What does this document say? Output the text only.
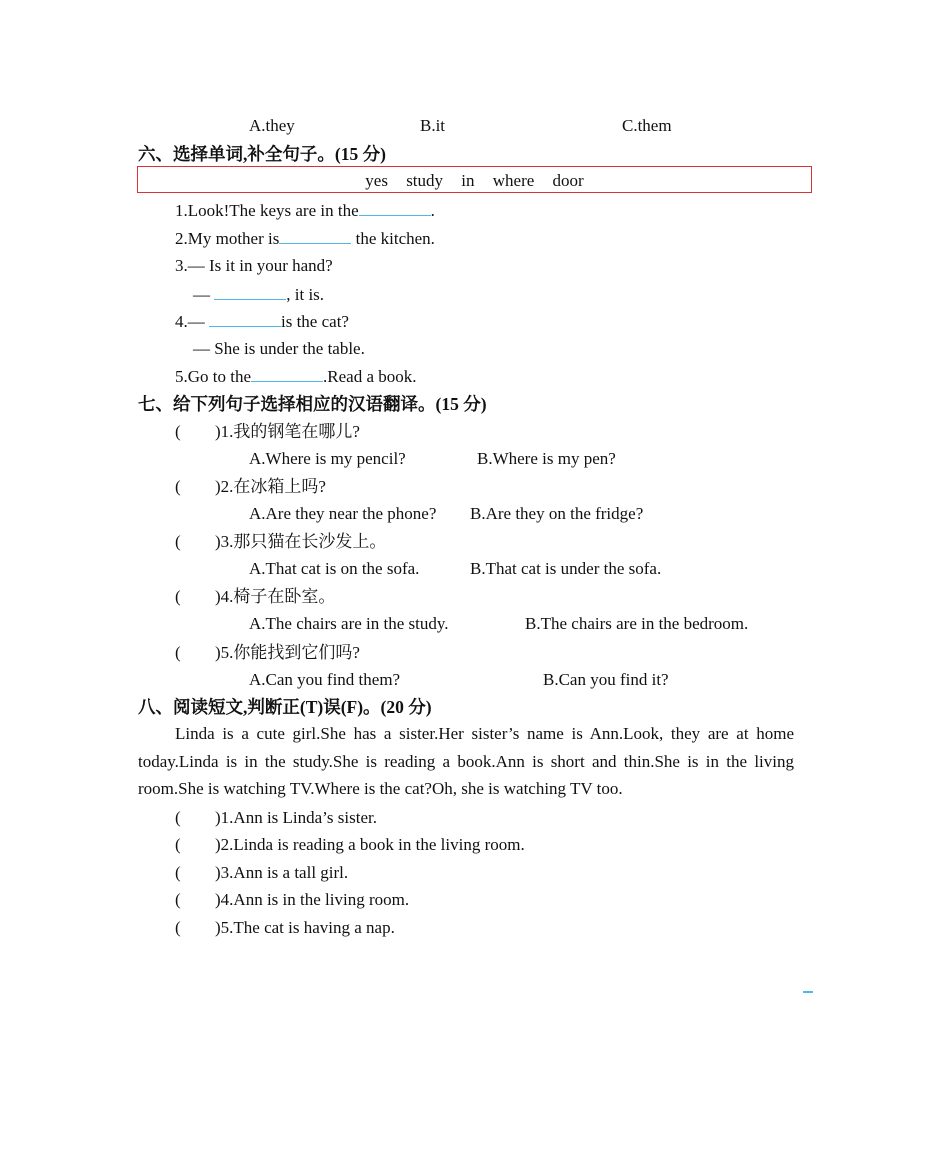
A.they	B.it	C.them
六、选择单词,补全句子。(15 分)
yes study in where door
1.Look!The keys are in the	.
2.My mother is	the kitchen.
3.— Is it in your hand?
—	, it is.
4.—	is the cat?
— She is under the table.
5.Go to the	.Read a book.
七、给下列句子选择相应的汉语翻译。(15 分)
( )1.我的钢笔在哪儿?
A.Where is my pencil?	B.Where is my pen?
( )2.在冰箱上吗?
A.Are they near the phone? B.Are they on the fridge?
( )3.那只猫在长沙发上。
A.That cat is on the sofa.	B.That cat is under the sofa.
( )4.椅子在卧室。
A.The chairs are in the study.	B.The chairs are in the bedroom.
( )5.你能找到它们吗?
A.Can you find them?	B.Can you find it?
八、阅读短文,判断正(T)误(F)。(20 分)
Linda is a cute girl.She has a sister.Her sister’s name is Ann.Look, they are at home today.Linda is in the study.She is reading a book.Ann is short and thin.She is in the living room.She is watching TV.Where is the cat?Oh, she is watching TV too.
( )1.Ann is Linda’s sister.
( )2.Linda is reading a book in the living room.
( )3.Ann is a tall girl.
( )4.Ann is in the living room.
( )5.The cat is having a nap.
